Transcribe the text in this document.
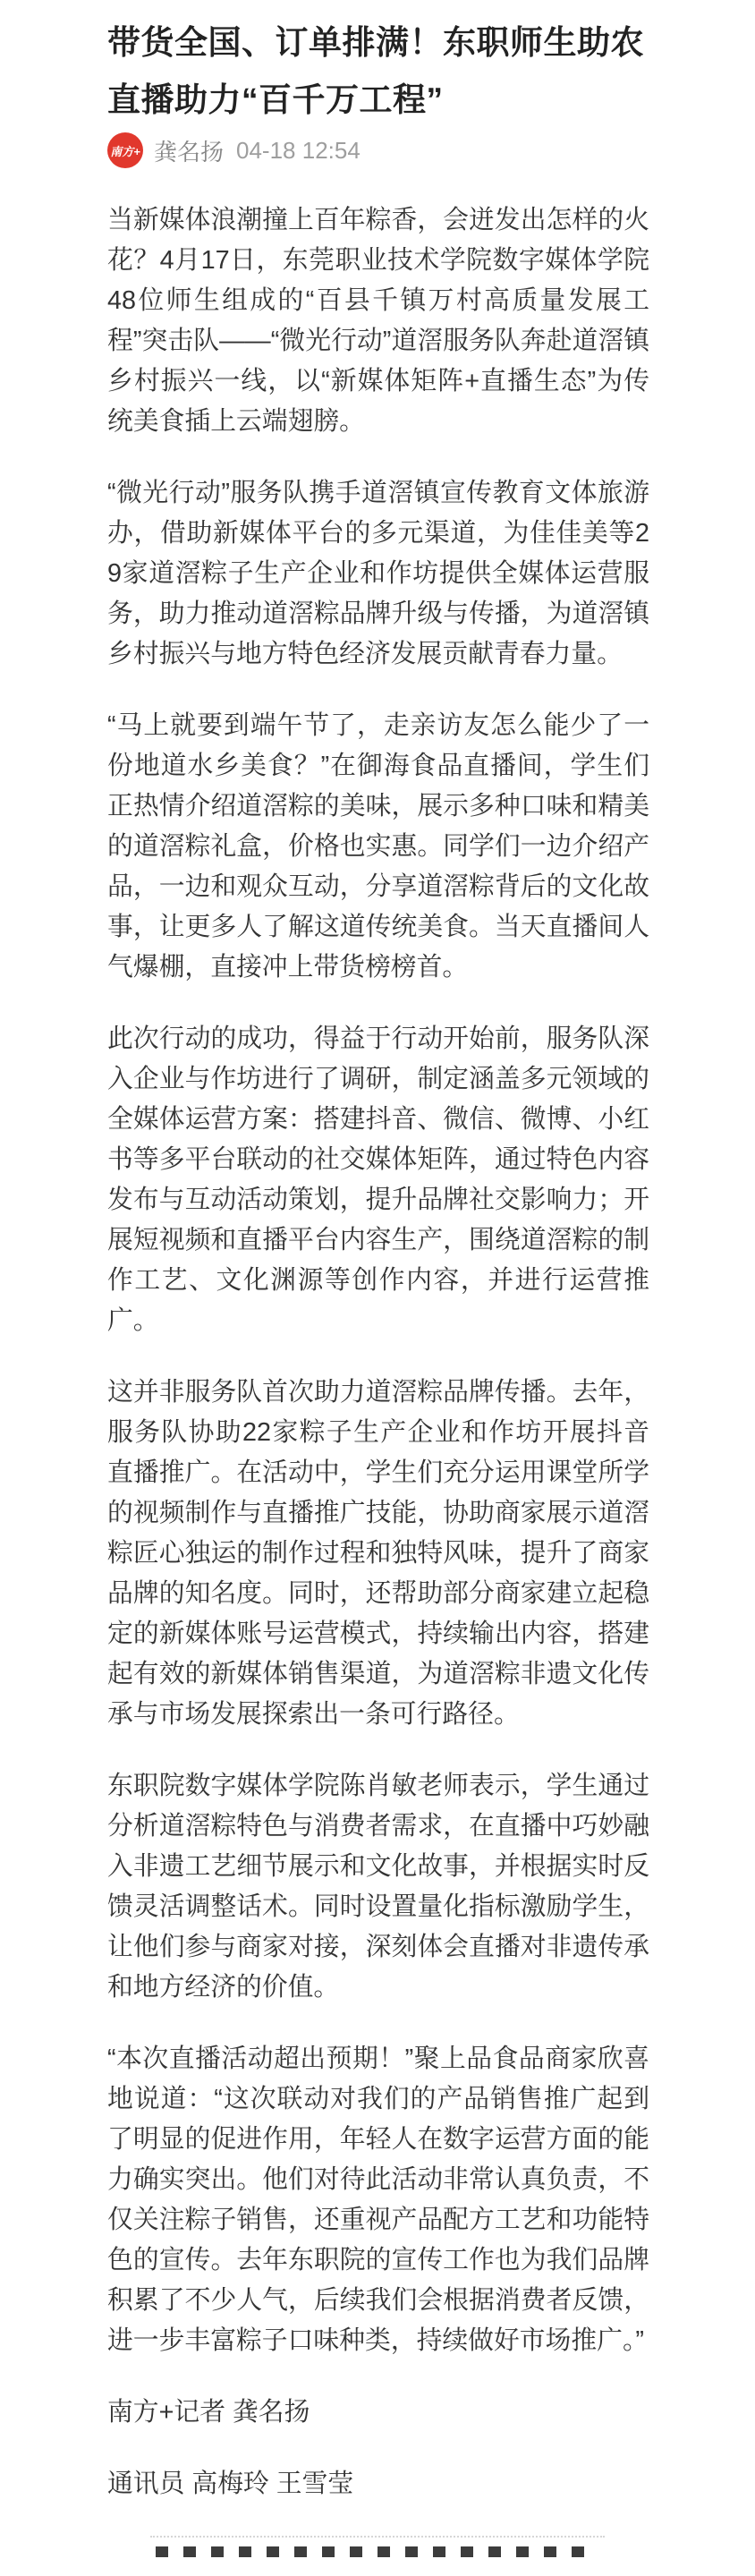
带货全国、订单排满！东职师生助农直播助力“百千万工程”
南方+ 龚名扬 04-18 12:54

当新媒体浪潮撞上百年粽香，会迸发出怎样的火花？4月17日，东莞职业技术学院数字媒体学院48位师生组成的“百县千镇万村高质量发展工程”突击队——“微光行动”道滘服务队奔赴道滘镇乡村振兴一线，以“新媒体矩阵+直播生态”为传统美食插上云端翅膀。

“微光行动”服务队携手道滘镇宣传教育文体旅游办，借助新媒体平台的多元渠道，为佳佳美等29家道滘粽子生产企业和作坊提供全媒体运营服务，助力推动道滘粽品牌升级与传播，为道滘镇乡村振兴与地方特色经济发展贡献青春力量。

“马上就要到端午节了，走亲访友怎么能少了一份地道水乡美食？”在御海食品直播间，学生们正热情介绍道滘粽的美味，展示多种口味和精美的道滘粽礼盒，价格也实惠。同学们一边介绍产品，一边和观众互动，分享道滘粽背后的文化故事，让更多人了解这道传统美食。当天直播间人气爆棚，直接冲上带货榜榜首。

此次行动的成功，得益于行动开始前，服务队深入企业与作坊进行了调研，制定涵盖多元领域的全媒体运营方案：搭建抖音、微信、微博、小红书等多平台联动的社交媒体矩阵，通过特色内容发布与互动活动策划，提升品牌社交影响力；开展短视频和直播平台内容生产，围绕道滘粽的制作工艺、文化渊源等创作内容，并进行运营推广。

这并非服务队首次助力道滘粽品牌传播。去年，服务队协助22家粽子生产企业和作坊开展抖音直播推广。在活动中，学生们充分运用课堂所学的视频制作与直播推广技能，协助商家展示道滘粽匠心独运的制作过程和独特风味，提升了商家品牌的知名度。同时，还帮助部分商家建立起稳定的新媒体账号运营模式，持续输出内容，搭建起有效的新媒体销售渠道，为道滘粽非遗文化传承与市场发展探索出一条可行路径。

东职院数字媒体学院陈肖敏老师表示，学生通过分析道滘粽特色与消费者需求，在直播中巧妙融入非遗工艺细节展示和文化故事，并根据实时反馈灵活调整话术。同时设置量化指标激励学生，让他们参与商家对接，深刻体会直播对非遗传承和地方经济的价值。

“本次直播活动超出预期！”聚上品食品商家欣喜地说道：“这次联动对我们的产品销售推广起到了明显的促进作用，年轻人在数字运营方面的能力确实突出。他们对待此活动非常认真负责，不仅关注粽子销售，还重视产品配方工艺和功能特色的宣传。去年东职院的宣传工作也为我们品牌积累了不少人气，后续我们会根据消费者反馈，进一步丰富粽子口味种类，持续做好市场推广。”

南方+记者 龚名扬

通讯员 高梅玲 王雪莹
